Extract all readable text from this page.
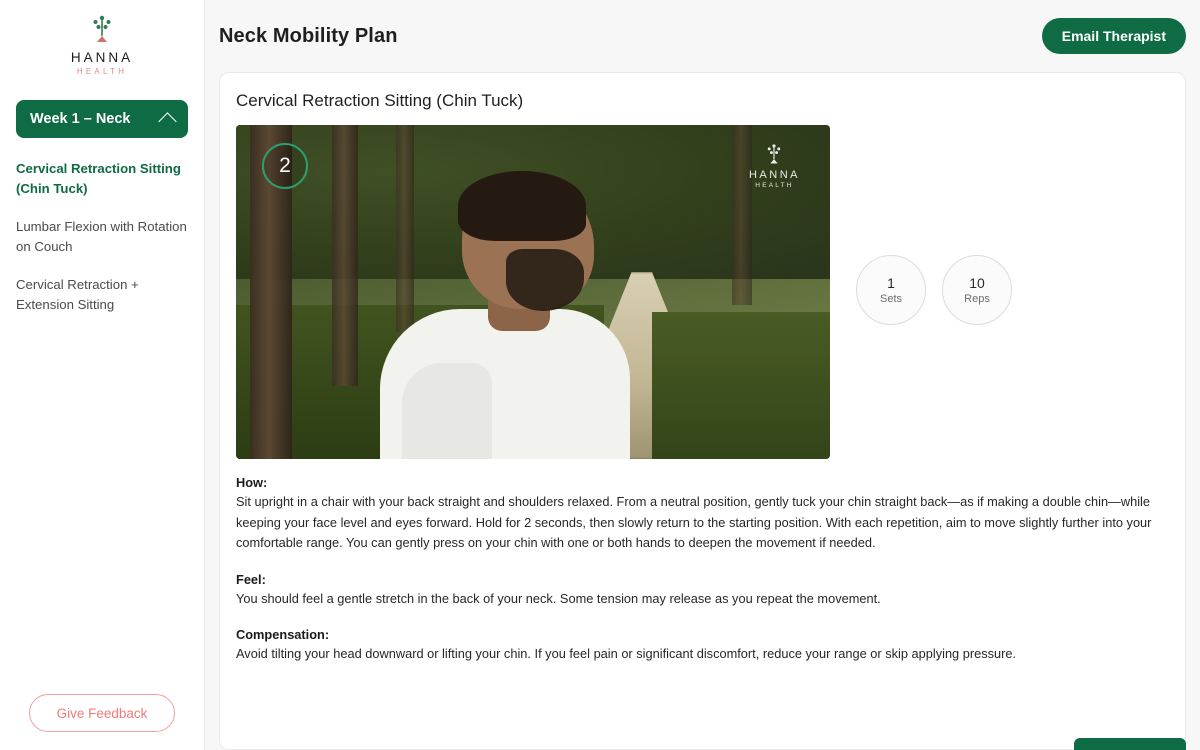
HANNA
HEALTH
Week 1 – Neck
Cervical Retraction Sitting (Chin Tuck)
Lumbar Flexion with Rotation on Couch
Cervical Retraction + Extension Sitting
Give Feedback
Neck Mobility Plan	Email Therapist
Cervical Retraction Sitting (Chin Tuck)
2	HANNA
HEALTH
1
Sets
10
Reps
How:
Sit upright in a chair with your back straight and shoulders relaxed. From a neutral position, gently tuck your chin straight back—as if making a double chin—while keeping your face level and eyes forward. Hold for 2 seconds, then slowly return to the starting position. With each repetition, aim to move slightly further into your comfortable range. You can gently press on your chin with one or both hands to deepen the movement if needed.
Feel:
You should feel a gentle stretch in the back of your neck. Some tension may release as you repeat the movement.
Compensation:
Avoid tilting your head downward or lifting your chin. If you feel pain or significant discomfort, reduce your range or skip applying pressure.
